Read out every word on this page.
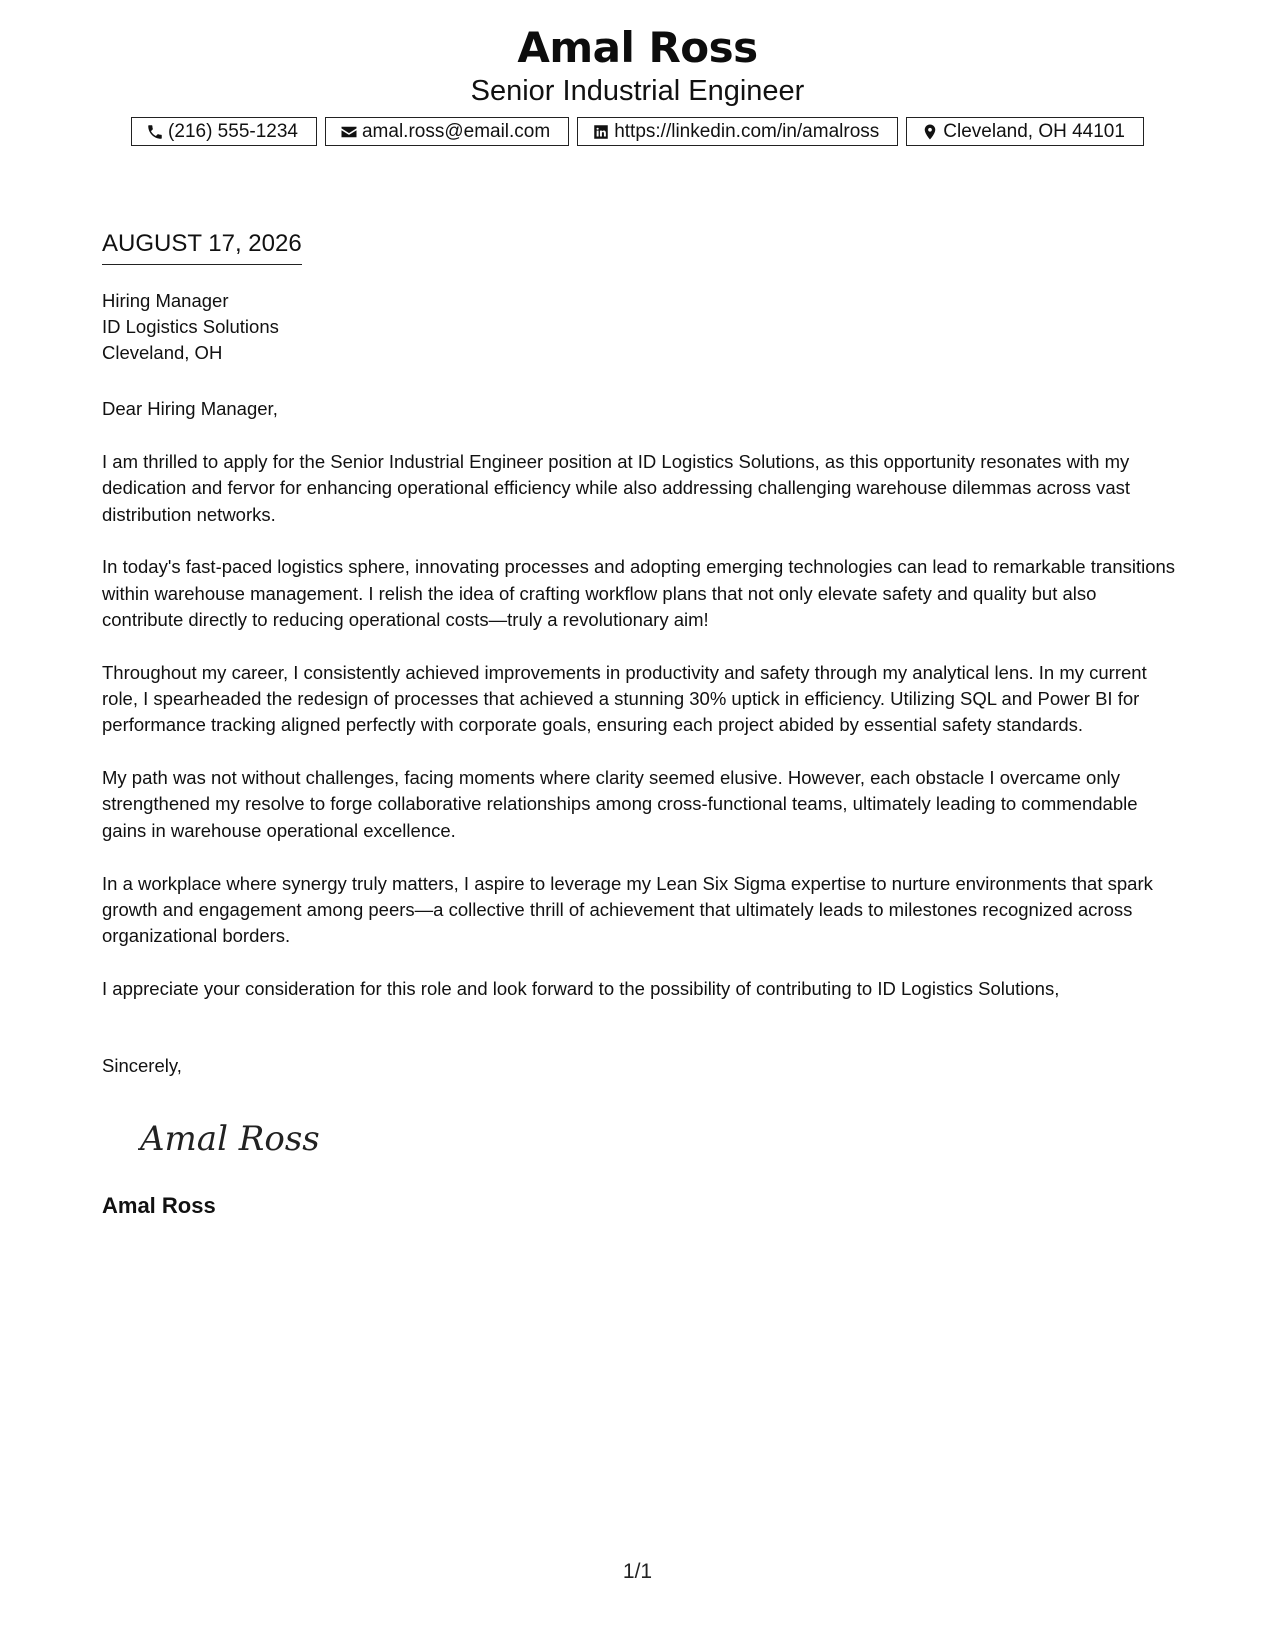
Amal Ross
Senior Industrial Engineer
(216) 555-1234	amal.ross@email.com	https://linkedin.com/in/amalross	Cleveland, OH 44101
AUGUST 17, 2026
Hiring Manager
ID Logistics Solutions
Cleveland, OH
Dear Hiring Manager,

I am thrilled to apply for the Senior Industrial Engineer position at ID Logistics Solutions, as this opportunity resonates with my dedication and fervor for enhancing operational efficiency while also addressing challenging warehouse dilemmas across vast distribution networks.

In today's fast-paced logistics sphere, innovating processes and adopting emerging technologies can lead to remarkable transitions within warehouse management. I relish the idea of crafting workflow plans that not only elevate safety and quality but also contribute directly to reducing operational costs—truly a revolutionary aim!

Throughout my career, I consistently achieved improvements in productivity and safety through my analytical lens. In my current role, I spearheaded the redesign of processes that achieved a stunning 30% uptick in efficiency. Utilizing SQL and Power BI for performance tracking aligned perfectly with corporate goals, ensuring each project abided by essential safety standards.

My path was not without challenges, facing moments where clarity seemed elusive. However, each obstacle I overcame only strengthened my resolve to forge collaborative relationships among cross-functional teams, ultimately leading to commendable gains in warehouse operational excellence.

In a workplace where synergy truly matters, I aspire to leverage my Lean Six Sigma expertise to nurture environments that spark growth and engagement among peers—a collective thrill of achievement that ultimately leads to milestones recognized across organizational borders.

I appreciate your consideration for this role and look forward to the possibility of contributing to ID Logistics Solutions,

Sincerely,
Amal Ross
Amal Ross
1/1
